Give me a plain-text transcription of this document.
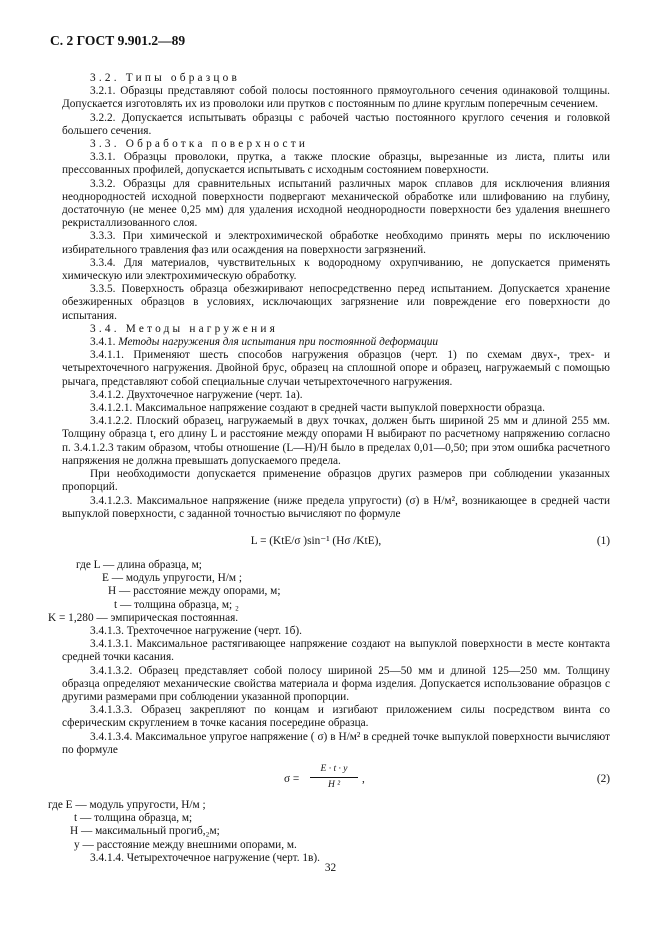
С. 2 ГОСТ 9.901.2—89

3.2. Типы образцов

3.2.1. Образцы представляют собой полосы постоянного прямоугольного сечения одинаковой толщины. Допускается изготовлять их из проволоки или прутков с постоянным по длине круглым поперечным сечением.

3.2.2. Допускается испытывать образцы с рабочей частью постоянного круглого сечения и головкой большего сечения.

3.3. Обработка поверхности

3.3.1. Образцы проволоки, прутка, а также плоские образцы, вырезанные из листа, плиты или прессованных профилей, допускается испытывать с исходным состоянием поверхности.

3.3.2. Образцы для сравнительных испытаний различных марок сплавов для исключения влияния неоднородностей исходной поверхности подвергают механической обработке или шлифованию на глубину, достаточную (не менее 0,25 мм) для удаления исходной неоднородности поверхности без удаления внешнего рекристаллизованного слоя.

3.3.3. При химической и электрохимической обработке необходимо принять меры по исключению избирательного травления фаз или осаждения на поверхности загрязнений.

3.3.4. Для материалов, чувствительных к водородному охрупчиванию, не допускается применять химическую или электрохимическую обработку.

3.3.5. Поверхность образца обезжиривают непосредственно перед испытанием. Допускается хранение обезжиренных образцов в условиях, исключающих загрязнение или повреждение его поверхности до испытания.

3.4. Методы нагружения

3.4.1. Методы нагружения для испытания при постоянной деформации

3.4.1.1. Применяют шесть способов нагружения образцов (черт. 1) по схемам двух-, трех- и четырехточечного нагружения. Двойной брус, образец на сплошной опоре и образец, нагружаемый с помощью рычага, представляют собой специальные случаи четырехточечного нагружения.

3.4.1.2. Двухточечное нагружение (черт. 1а).

3.4.1.2.1. Максимальное напряжение создают в средней части выпуклой поверхности образца.

3.4.1.2.2. Плоский образец, нагружаемый в двух точках, должен быть шириной 25 мм и длиной 255 мм. Толщину образца t, его длину L и расстояние между опорами H выбирают по расчетному напряжению согласно п. 3.4.1.2.3 таким образом, чтобы отношение (L—H)/H было в пределах 0,01—0,50; при этом ошибка расчетного напряжения не должна превышать допускаемого предела.

При необходимости допускается применение образцов других размеров при соблюдении указанных пропорций.

3.4.1.2.3. Максимальное напряжение (ниже предела упругости) (σ) в Н/м², возникающее в средней части выпуклой поверхности, с заданной точностью вычисляют по формуле

L = (KtE/σ )sin⁻¹ (Hσ /KtE),	(1)

где L — длина образца, м;

E — модуль упругости, Н/м ;

H — расстояние между опорами, м;

t — толщина образца, м; ₂

K = 1,280 — эмпирическая постоянная.

3.4.1.3. Трехточечное нагружение (черт. 1б).

3.4.1.3.1. Максимальное растягивающее напряжение создают на выпуклой поверхности в месте контакта средней точки касания.

3.4.1.3.2. Образец представляет собой полосу шириной 25—50 мм и длиной 125—250 мм. Толщину образца определяют механические свойства материала и форма изделия. Допускается использование образцов с другими размерами при соблюдении указанной пропорции.

3.4.1.3.3. Образец закрепляют по концам и изгибают приложением силы посредством винта со сферическим скруглением в точке касания посередине образца.

3.4.1.3.4. Максимальное упругое напряжение ( σ) в Н/м² в средней точке выпуклой поверхности вычисляют по формуле

$\sigma = \frac{E \cdot t \cdot y}{\text{H ²}}$ ,	(2)

где E — модуль упругости, Н/м ;

t — толщина образца, м;

H — максимальный прогиб,₂м;

y — расстояние между внешними опорами, м.

3.4.1.4. Четырехточечное нагружение (черт. 1в).

32
